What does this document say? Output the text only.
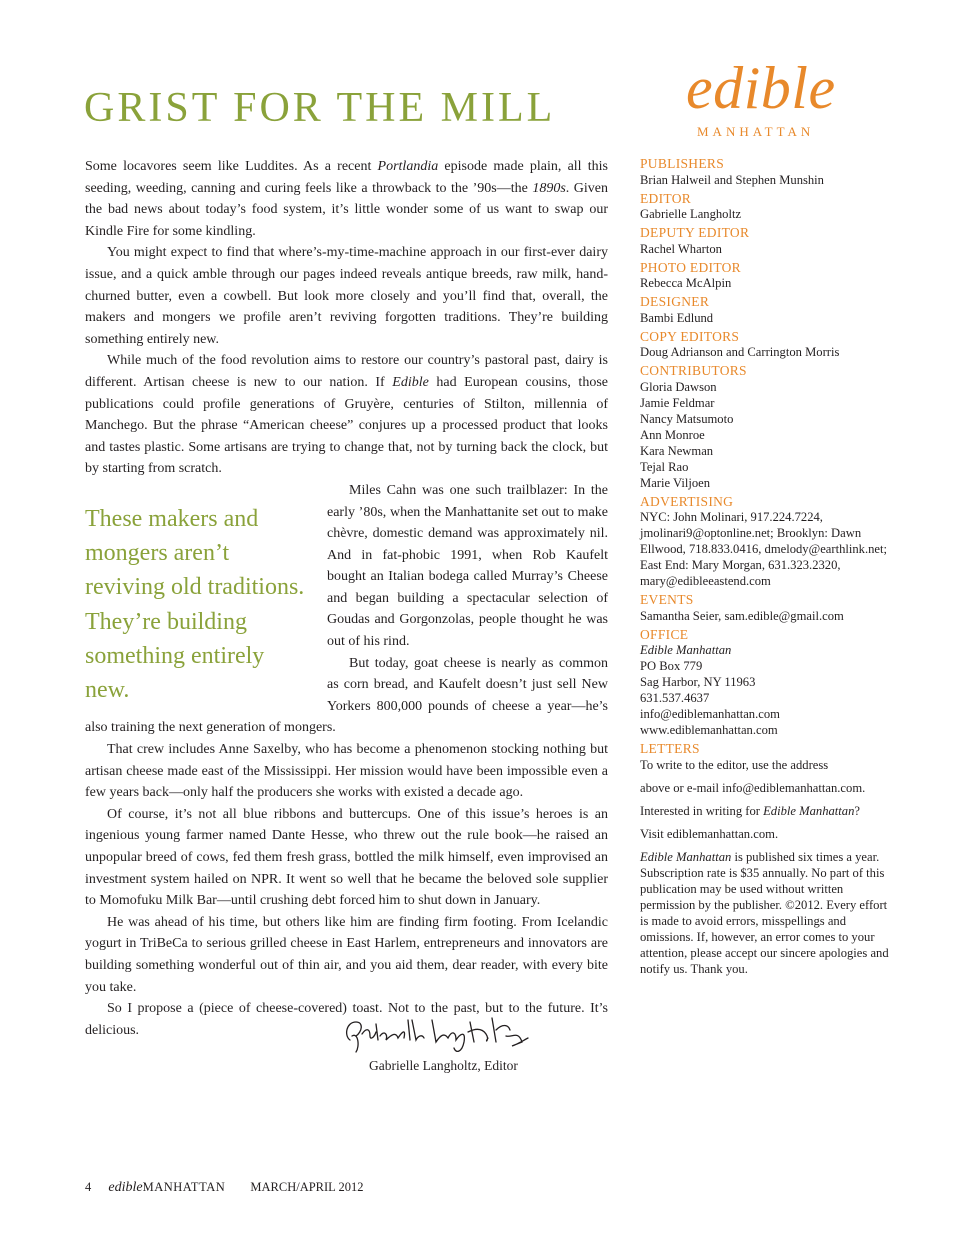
GRIST FOR THE MILL edible
MANHATTAN

Some locavores seem like Luddites. As a recent Portlandia episode made plain, all this seeding, weeding, canning and curing feels like a throwback to the ’90s—the 1890s. Given the bad news about today’s food system, it’s little wonder some of us want to swap our Kindle Fire for some kindling.

You might expect to find that where’s-my-time-machine approach in our first-ever dairy issue, and a quick amble through our pages indeed reveals antique breeds, raw milk, hand-churned butter, even a cowbell. But look more closely and you’ll find that, overall, the makers and mongers we profile aren’t reviving forgotten traditions. They’re building something entirely new.

While much of the food revolution aims to restore our country’s pastoral past, dairy is different. Artisan cheese is new to our nation. If Edible had European cousins, those publications could profile generations of Gruyère, centuries of Stilton, millennia of Manchego. But the phrase “American cheese” conjures up a processed product that looks and tastes plastic. Some artisans are trying to change that, not by turning back the clock, but by starting from scratch.

These makers and mongers aren’t reviving old traditions. They’re building something entirely new.
Miles Cahn was one such trailblazer: In the early ’80s, when the Manhattanite set out to make chèvre, domestic demand was approximately nil. And in fat-phobic 1991, when Rob Kaufelt bought an Italian bodega called Murray’s Cheese and began building a spectacular selection of Goudas and Gorgonzolas, people thought he was out of his rind.

But today, goat cheese is nearly as common as corn bread, and Kaufelt doesn’t just sell New Yorkers 800,000 pounds of cheese a year—he’s also training the next generation of mongers.

That crew includes Anne Saxelby, who has become a phenomenon stocking nothing but artisan cheese made east of the Mississippi. Her mission would have been impossible even a few years back—only half the producers she works with existed a decade ago.

Of course, it’s not all blue ribbons and buttercups. One of this issue’s heroes is an ingenious young farmer named Dante Hesse, who threw out the rule book—he raised an unpopular breed of cows, fed them fresh grass, bottled the milk himself, even improvised an investment system hailed on NPR. It went so well that he became the beloved sole supplier to Momofuku Milk Bar—until crushing debt forced him to shut down in January.

He was ahead of his time, but others like him are finding firm footing. From Icelandic yogurt in TriBeCa to serious grilled cheese in East Harlem, entrepreneurs and innovators are building something wonderful out of thin air, and you aid them, dear reader, with every bite you take.

So I propose a (piece of cheese-covered) toast. Not to the past, but to the future. It’s delicious.

Gabrielle Langholtz, Editor
PUBLISHERS
Brian Halweil and Stephen Munshin
EDITOR
Gabrielle Langholtz
DEPUTY EDITOR
Rachel Wharton
PHOTO EDITOR
Rebecca McAlpin
DESIGNER
Bambi Edlund
COPY EDITORS
Doug Adrianson and Carrington Morris
CONTRIBUTORS
Gloria Dawson
Jamie Feldmar
Nancy Matsumoto
Ann Monroe
Kara Newman
Tejal Rao
Marie Viljoen
ADVERTISING
NYC: John Molinari, 917.224.7224, jmolinari9@optonline.net; Brooklyn: Dawn Ellwood, 718.833.0416, dmelody@earthlink.net; East End: Mary Morgan, 631.323.2320, mary@edibleeastend.com
EVENTS
Samantha Seier, sam.edible@gmail.com
OFFICE
Edible Manhattan
PO Box 779
Sag Harbor, NY 11963
631.537.4637
info@ediblemanhattan.com
www.ediblemanhattan.com
LETTERS
To write to the editor, use the address
above or e-mail info@ediblemanhattan.com.
Interested in writing for Edible Manhattan?
Visit ediblemanhattan.com.
Edible Manhattan is published six times a year. Subscription rate is $35 annually. No part of this publication may be used without written permission by the publisher. ©2012. Every effort is made to avoid errors, misspellings and omissions. If, however, an error comes to your attention, please accept our sincere apologies and notify us. Thank you.
4 edibleMANHATTAN MARCH/APRIL 2012
